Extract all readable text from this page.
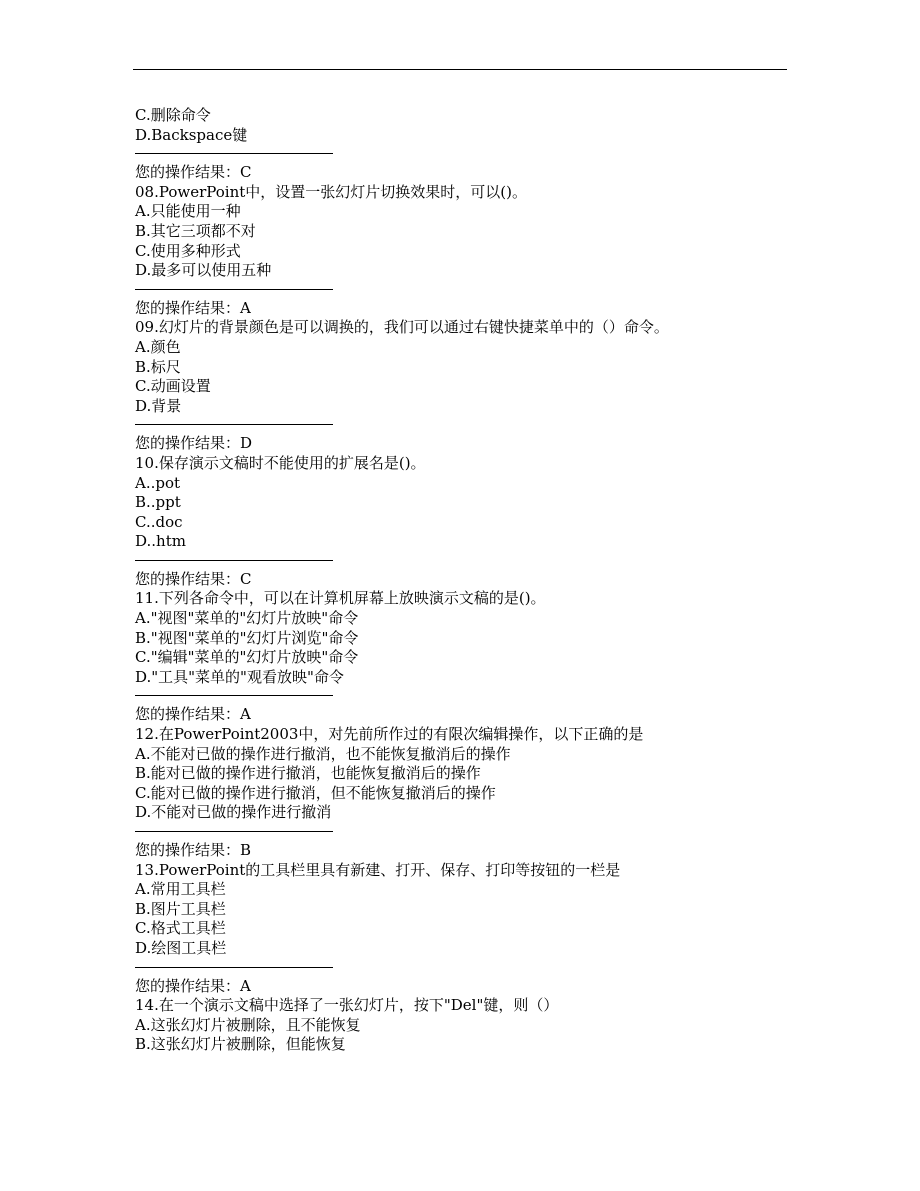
C.删除命令
D.Backspace键
您的操作结果：C
08.PowerPoint中，设置一张幻灯片切换效果时，可以()。
A.只能使用一种
B.其它三项都不对
C.使用多种形式
D.最多可以使用五种
您的操作结果：A
09.幻灯片的背景颜色是可以调换的，我们可以通过右键快捷菜单中的（）命令。
A.颜色
B.标尺
C.动画设置
D.背景
您的操作结果：D
10.保存演示文稿时不能使用的扩展名是()。
A..pot
B..ppt
C..doc
D..htm
您的操作结果：C
11.下列各命令中，可以在计算机屏幕上放映演示文稿的是()。
A."视图"菜单的"幻灯片放映"命令
B."视图"菜单的"幻灯片浏览"命令
C."编辑"菜单的"幻灯片放映"命令
D."工具"菜单的"观看放映"命令
您的操作结果：A
12.在PowerPoint2003中，对先前所作过的有限次编辑操作，以下正确的是
A.不能对已做的操作进行撤消，也不能恢复撤消后的操作
B.能对已做的操作进行撤消，也能恢复撤消后的操作
C.能对已做的操作进行撤消，但不能恢复撤消后的操作
D.不能对已做的操作进行撤消
您的操作结果：B
13.PowerPoint的工具栏里具有新建、打开、保存、打印等按钮的一栏是
A.常用工具栏
B.图片工具栏
C.格式工具栏
D.绘图工具栏
您的操作结果：A
14.在一个演示文稿中选择了一张幻灯片，按下"Del"键，则（）
A.这张幻灯片被删除，且不能恢复
B.这张幻灯片被删除，但能恢复
